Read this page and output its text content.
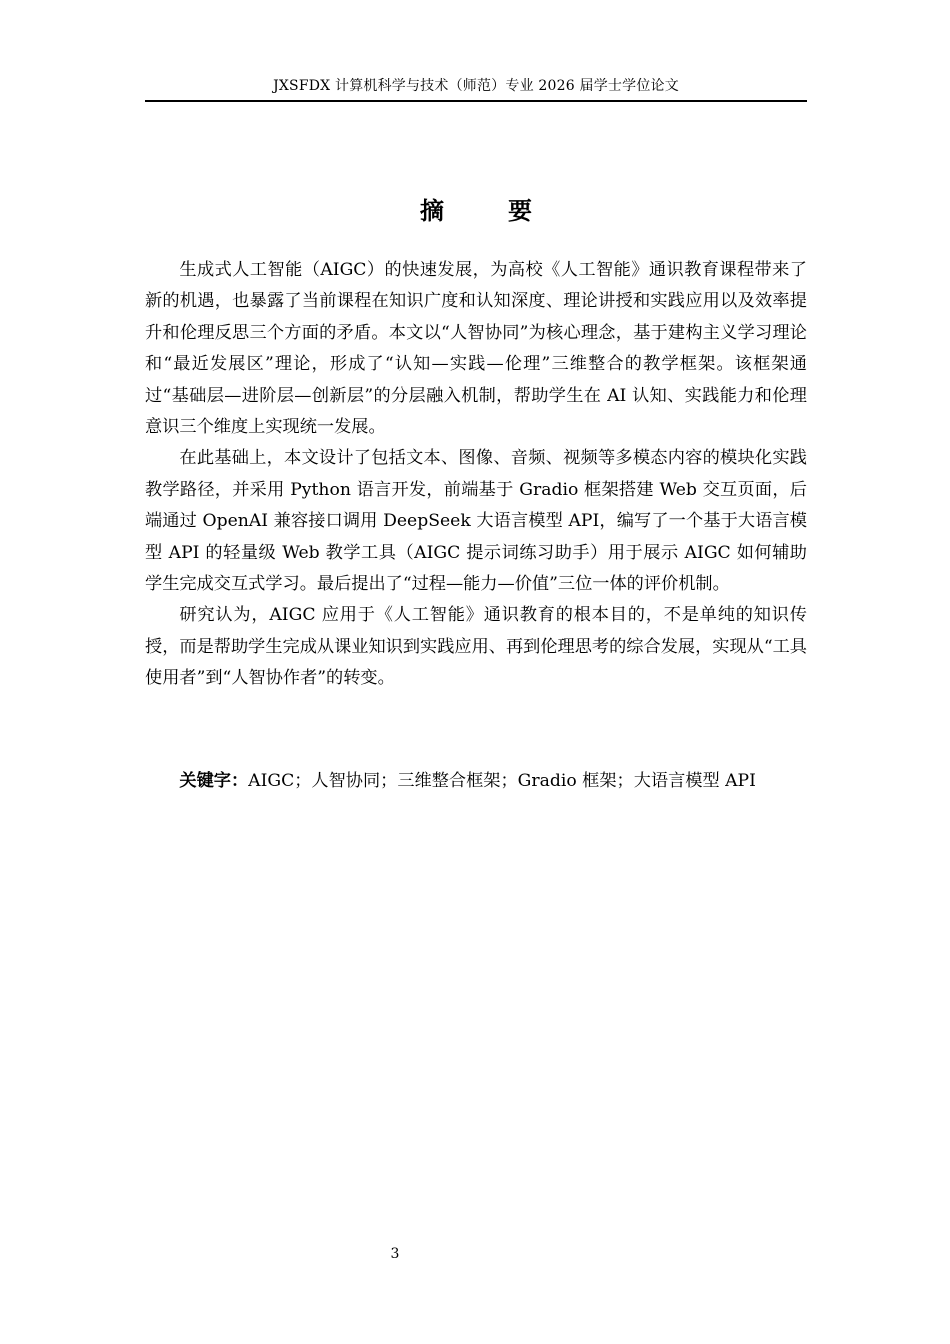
JXSFDX 计算机科学与技术（师范）专业 2026 届学士学位论文
摘　要

生成式人工智能（AIGC）的快速发展，为高校《人工智能》通识教育课程带来了新的机遇，也暴露了当前课程在知识广度和认知深度、理论讲授和实践应用以及效率提升和伦理反思三个方面的矛盾。本文以“人智协同”为核心理念，基于建构主义学习理论和“最近发展区”理论，形成了“认知—实践—伦理”三维整合的教学框架。该框架通过“基础层—进阶层—创新层”的分层融入机制，帮助学生在 AI 认知、实践能力和伦理意识三个维度上实现统一发展。

在此基础上，本文设计了包括文本、图像、音频、视频等多模态内容的模块化实践教学路径，并采用 Python 语言开发，前端基于 Gradio 框架搭建 Web 交互页面，后端通过 OpenAI 兼容接口调用 DeepSeek 大语言模型 API，编写了一个基于大语言模型 API 的轻量级 Web 教学工具（AIGC 提示词练习助手）用于展示 AIGC 如何辅助学生完成交互式学习。最后提出了“过程—能力—价值”三位一体的评价机制。

研究认为，AIGC 应用于《人工智能》通识教育的根本目的，不是单纯的知识传授，而是帮助学生完成从课业知识到实践应用、再到伦理思考的综合发展，实现从“工具使用者”到“人智协作者”的转变。

关键字：AIGC；人智协同；三维整合框架；Gradio 框架；大语言模型 API
3
